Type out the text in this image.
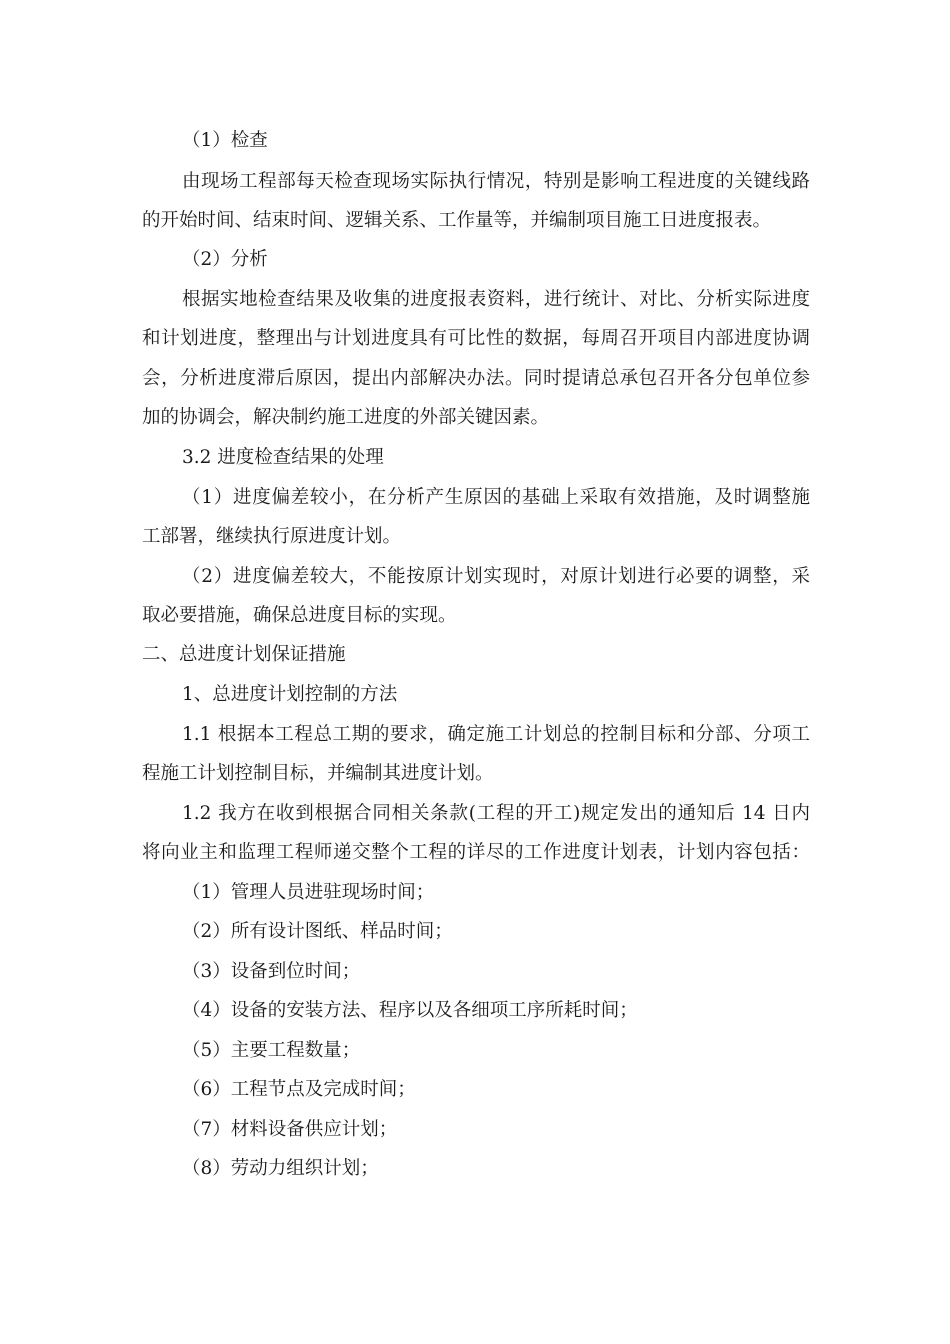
（1）检查
由现场工程部每天检查现场实际执行情况，特别是影响工程进度的关键线路
的开始时间、结束时间、逻辑关系、工作量等，并编制项目施工日进度报表。
（2）分析
根据实地检查结果及收集的进度报表资料，进行统计、对比、分析实际进度
和计划进度，整理出与计划进度具有可比性的数据，每周召开项目内部进度协调
会，分析进度滞后原因，提出内部解决办法。同时提请总承包召开各分包单位参
加的协调会，解决制约施工进度的外部关键因素。
3.2 进度检查结果的处理
（1）进度偏差较小，在分析产生原因的基础上采取有效措施，及时调整施
工部署，继续执行原进度计划。
（2）进度偏差较大，不能按原计划实现时，对原计划进行必要的调整，采
取必要措施，确保总进度目标的实现。
二、总进度计划保证措施
1、总进度计划控制的方法
1.1 根据本工程总工期的要求，确定施工计划总的控制目标和分部、分项工
程施工计划控制目标，并编制其进度计划。
1.2 我方在收到根据合同相关条款(工程的开工)规定发出的通知后 14 日内
将向业主和监理工程师递交整个工程的详尽的工作进度计划表，计划内容包括：
（1）管理人员进驻现场时间；
（2）所有设计图纸、样品时间；
（3）设备到位时间；
（4）设备的安装方法、程序以及各细项工序所耗时间；
（5）主要工程数量；
（6）工程节点及完成时间；
（7）材料设备供应计划；
（8）劳动力组织计划；
